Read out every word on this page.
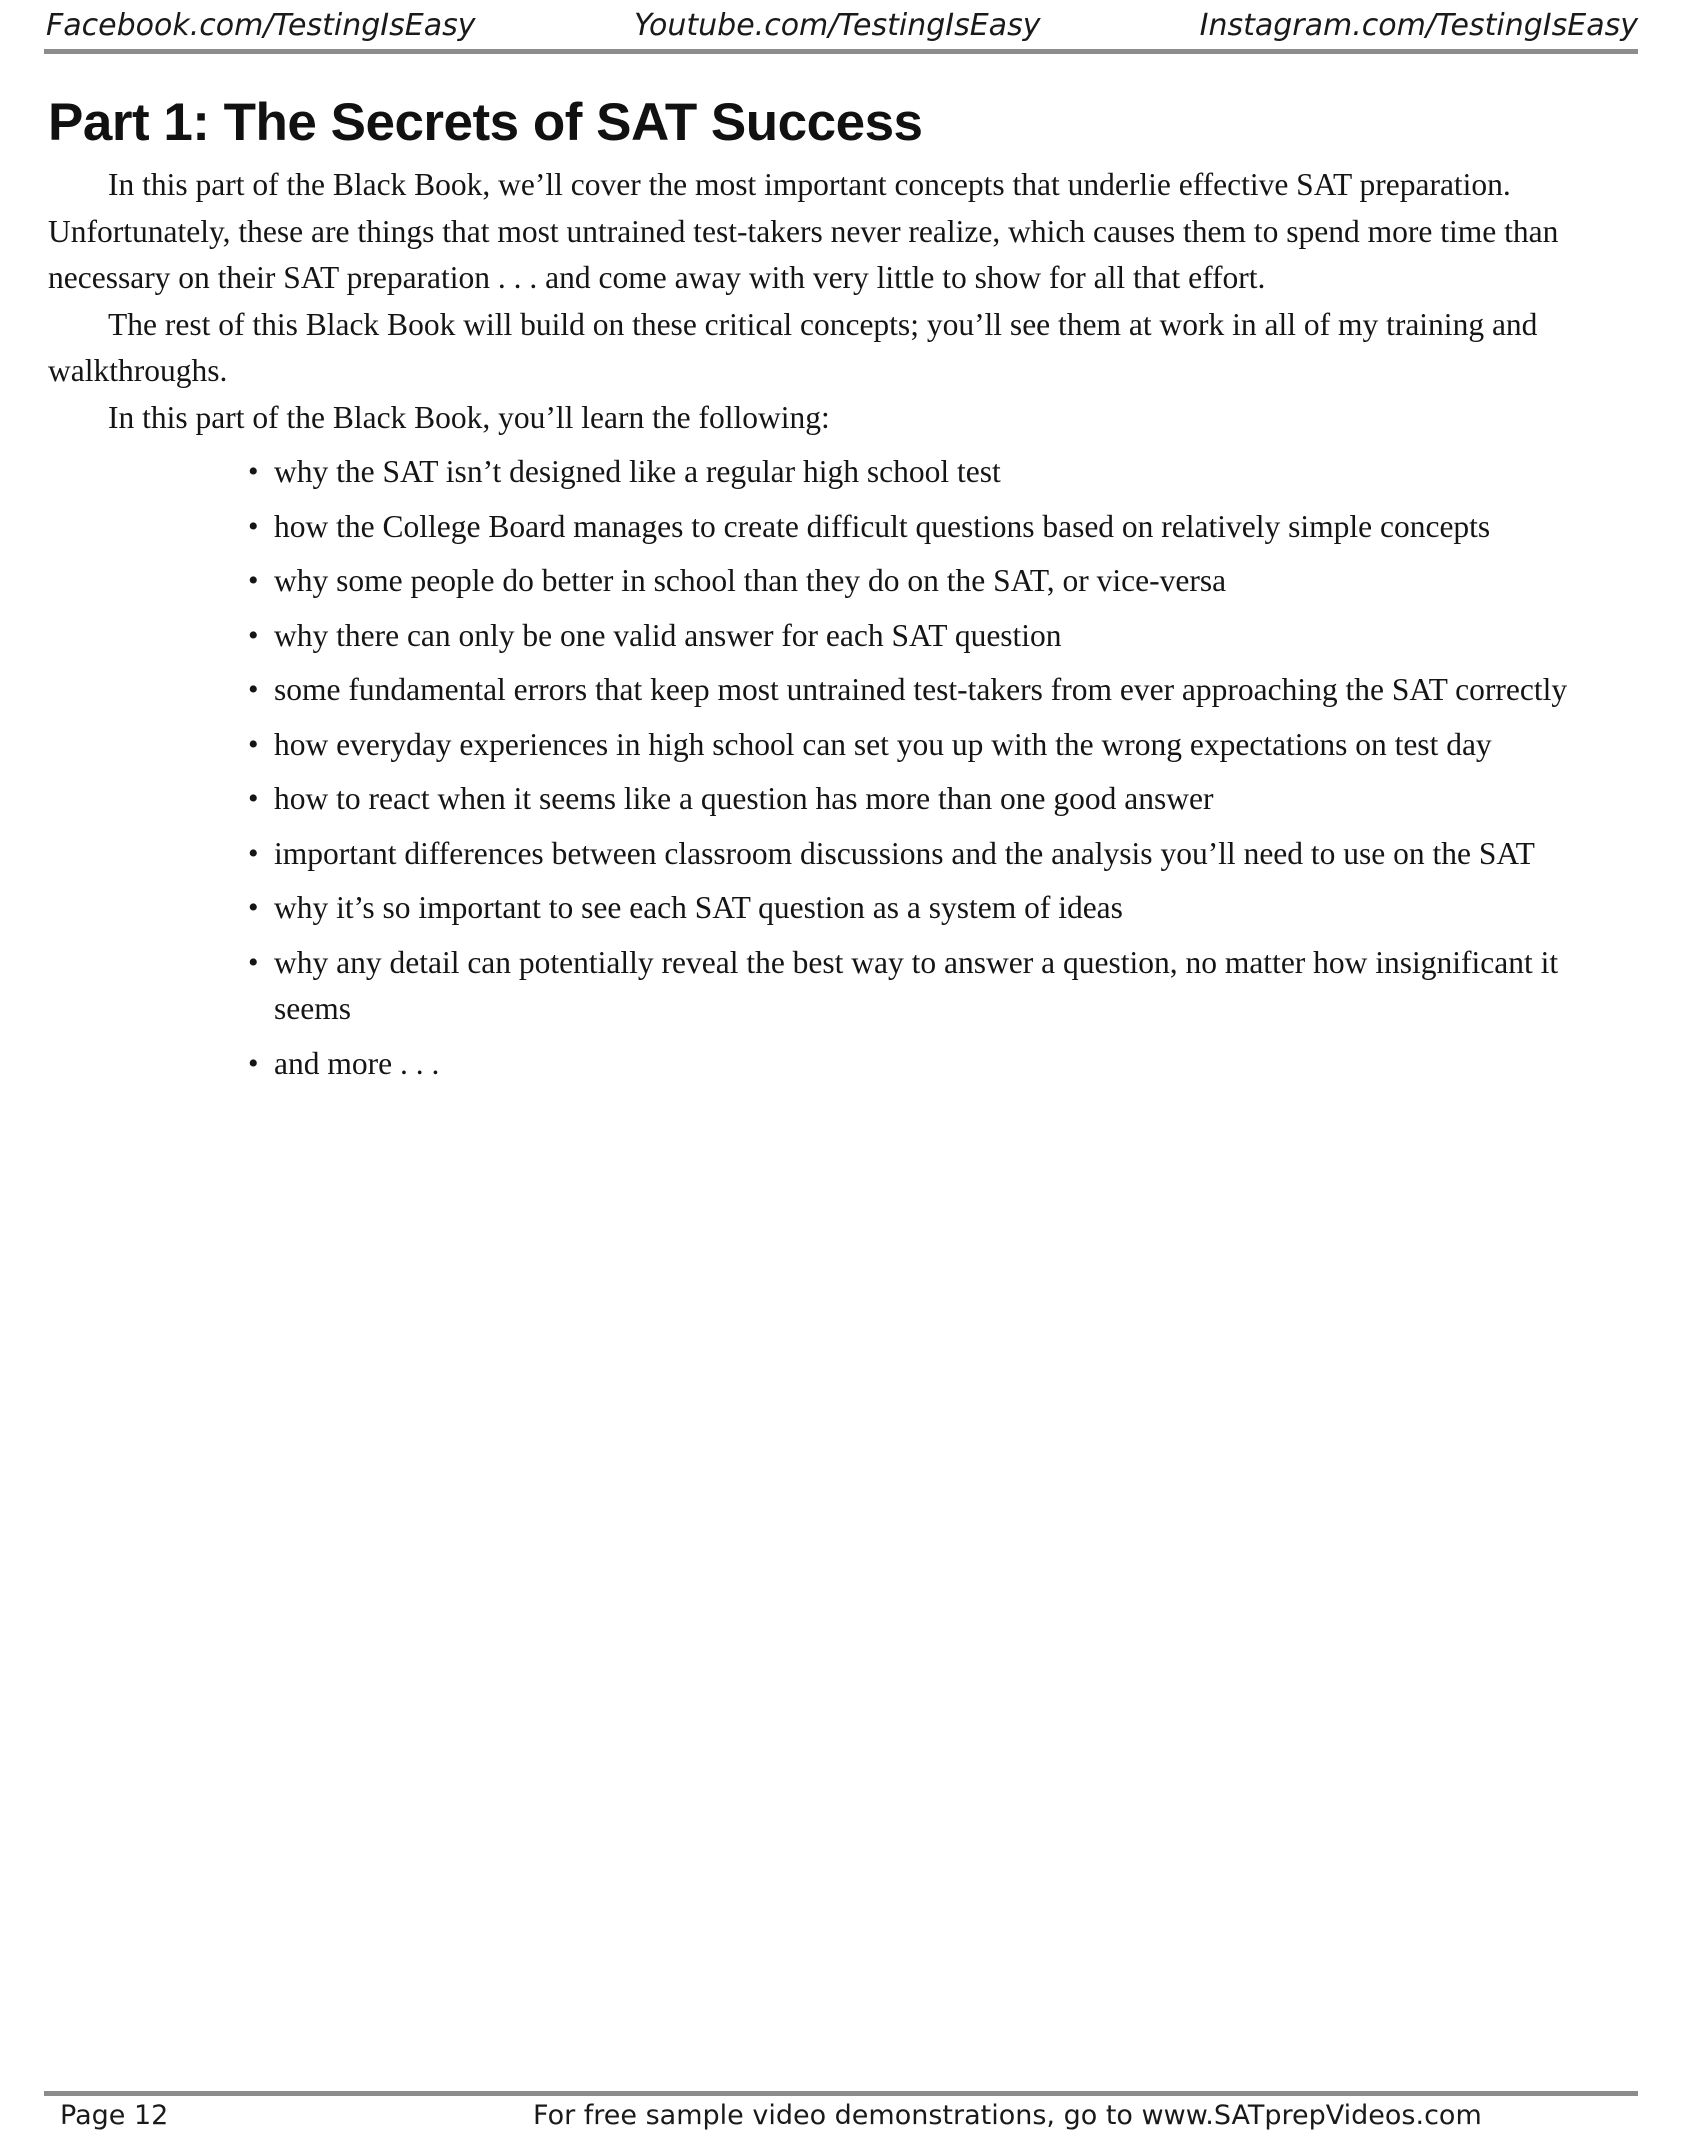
Facebook.com/TestingIsEasy	Youtube.com/TestingIsEasy	Instagram.com/TestingIsEasy
Part 1: The Secrets of SAT Success

In this part of the Black Book, we’ll cover the most important concepts that underlie effective SAT preparation. Unfortunately, these are things that most untrained test-takers never realize, which causes them to spend more time than necessary on their SAT preparation . . . and come away with very little to show for all that effort.

The rest of this Black Book will build on these critical concepts; you’ll see them at work in all of my training and walkthroughs.

In this part of the Black Book, you’ll learn the following:

• why the SAT isn’t designed like a regular high school test
• how the College Board manages to create difficult questions based on relatively simple concepts
• why some people do better in school than they do on the SAT, or vice-versa
• why there can only be one valid answer for each SAT question
• some fundamental errors that keep most untrained test-takers from ever approaching the SAT correctly
• how everyday experiences in high school can set you up with the wrong expectations on test day
• how to react when it seems like a question has more than one good answer
• important differences between classroom discussions and the analysis you’ll need to use on the SAT
• why it’s so important to see each SAT question as a system of ideas
• why any detail can potentially reveal the best way to answer a question, no matter how insignificant it seems
• and more . . .
Page 12	For free sample video demonstrations, go to www.SATprepVideos.com
